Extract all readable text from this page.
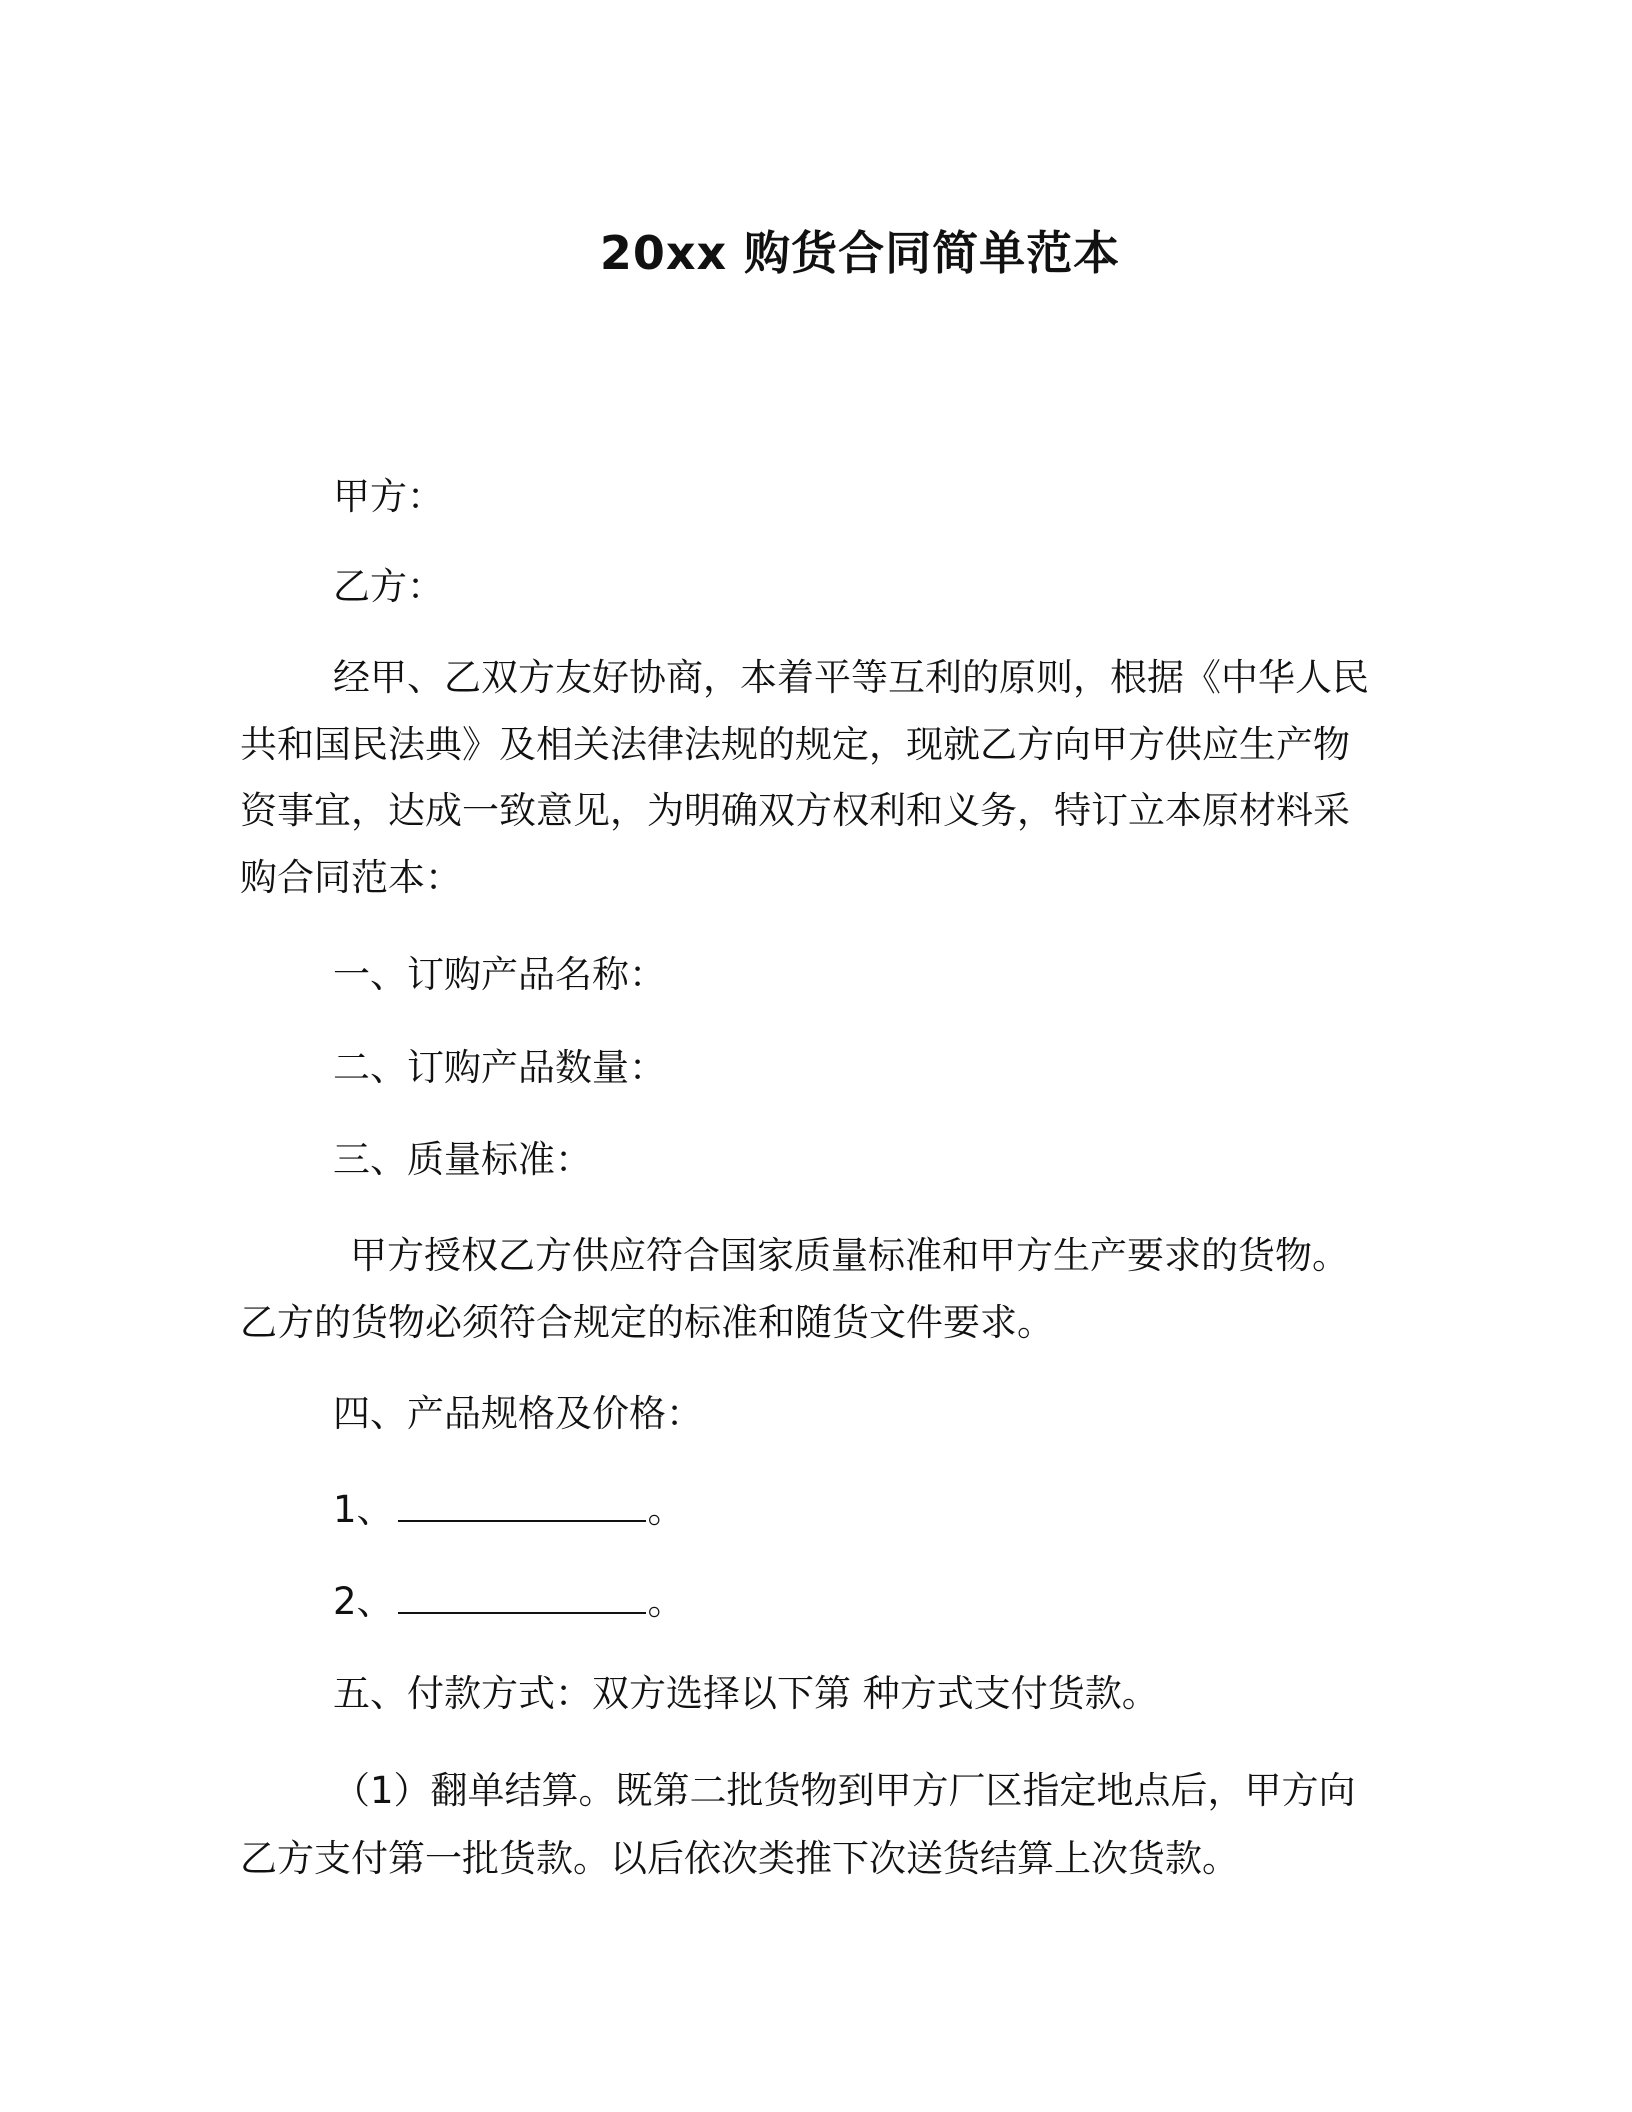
20xx 购货合同简单范本
甲方：
乙方：
经甲、乙双方友好协商，本着平等互利的原则，根据《中华人民
共和国民法典》及相关法律法规的规定，现就乙方向甲方供应生产物
资事宜，达成一致意见，为明确双方权利和义务，特订立本原材料采
购合同范本：
一、订购产品名称：
二、订购产品数量：
三、质量标准：
甲方授权乙方供应符合国家质量标准和甲方生产要求的货物。
乙方的货物必须符合规定的标准和随货文件要求。
四、产品规格及价格：
1、	。
2、	。
五、付款方式：双方选择以下第 种方式支付货款。
（1）翻单结算。既第二批货物到甲方厂区指定地点后，甲方向
乙方支付第一批货款。以后依次类推下次送货结算上次货款。
